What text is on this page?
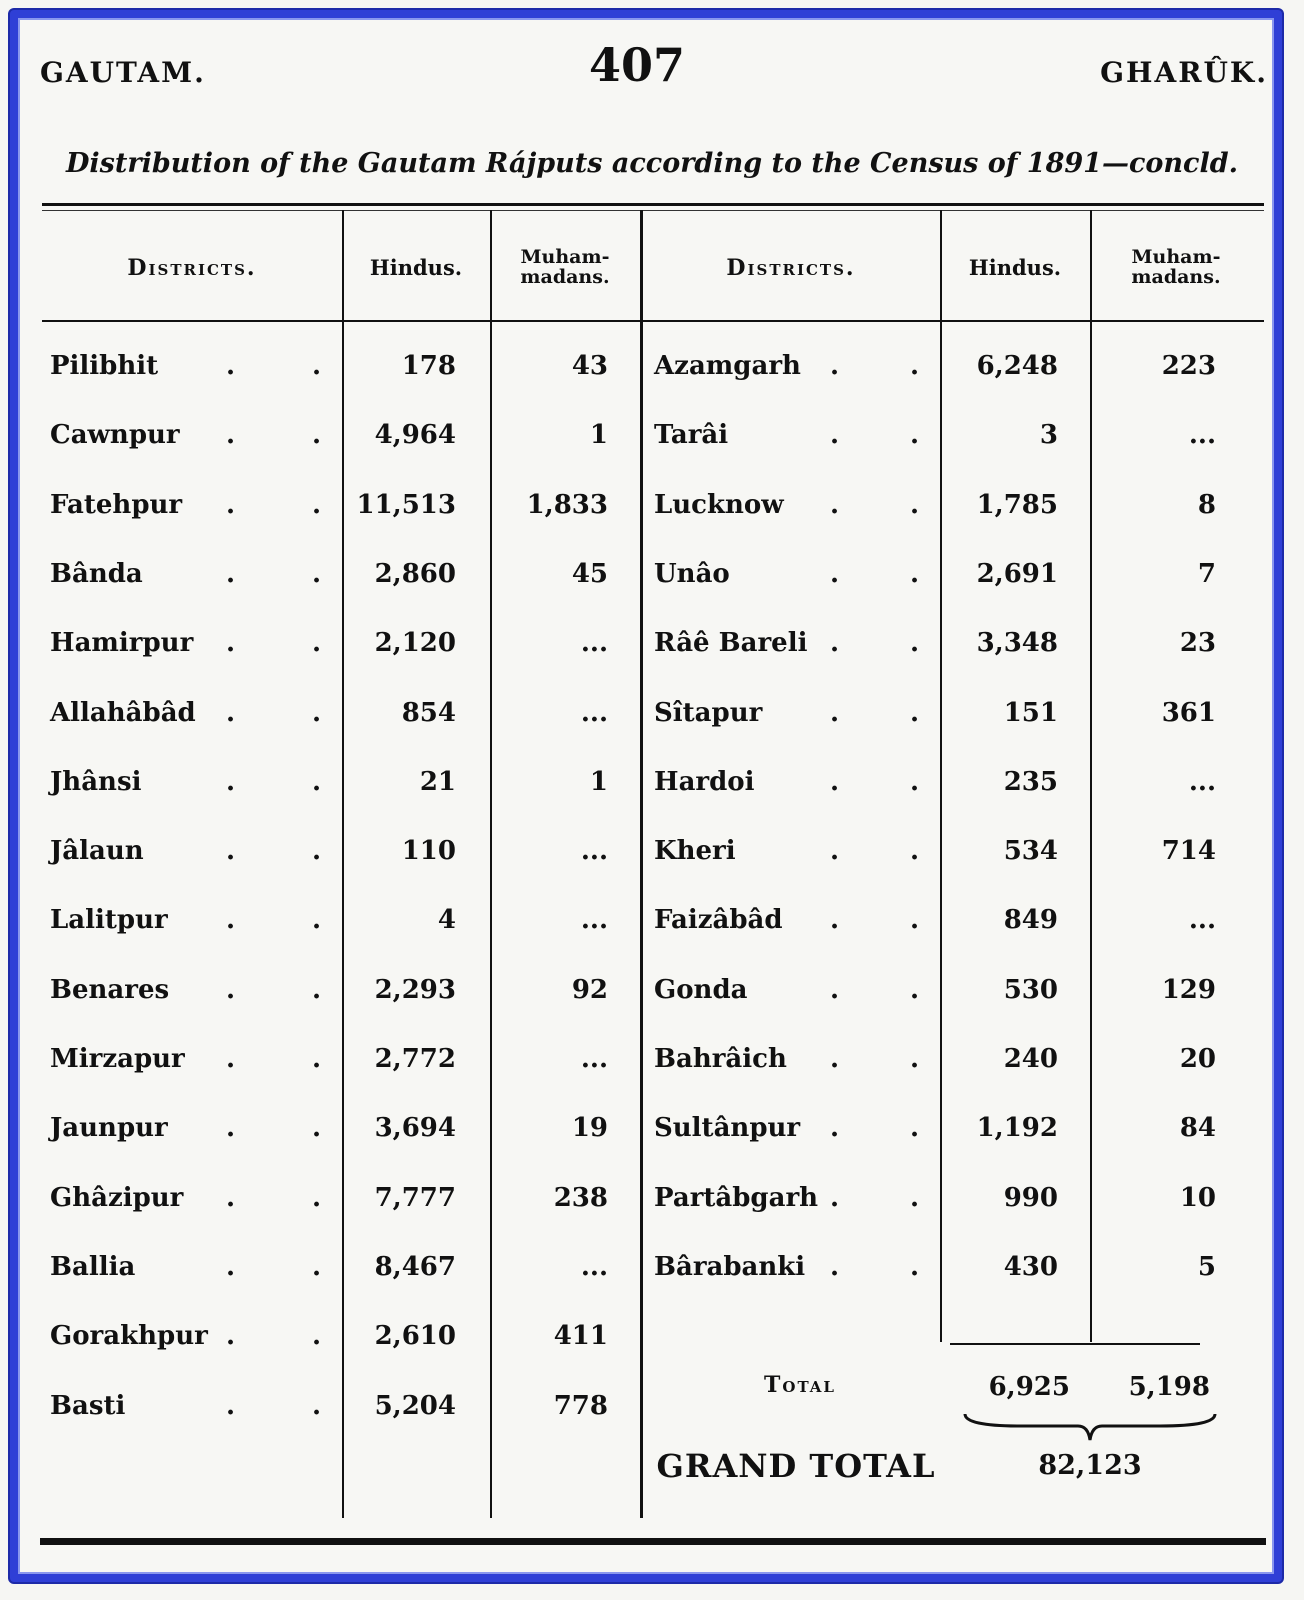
GAUTAM.	407	GHARÛK.
Distribution of the Gautam Rájputs according to the Census of 1891—concld.
Districts.	Hindus.	Muham-
madans.	Districts.	Hindus.	Muham-
madans.
Pilibhit	.	.	178	43
Cawnpur	.	.	4,964	1
Fatehpur	.	. 11,513	1,833
Bânda	.	.	2,860	45
Hamirpur	.	.	2,120	...
Allahâbâd	.	.	854	...
Jhânsi	.	.	21	1
Jâlaun	.	.	110	...
Lalitpur	.	.	4	...
Benares	.	.	2,293	92
Mirzapur	.	.	2,772	...
Jaunpur	.	.	3,694	19
Ghâzipur	.	.	7,777	238
Ballia	.	.	8,467	...
Gorakhpur .	.	2,610	411
Basti	.	.	5,204	778
Azamgarh	.	.	6,248	223
Tarâi	.	.	3	...
Lucknow	.	.	1,785	8
Unâo	.	.	2,691	7
Râê Bareli .	.	3,348	23
Sîtapur	.	.	151	361
Hardoi	.	.	235	...
Kheri	.	.	534	714
Faizâbâd	.	.	849	...
Gonda	.	.	530	129
Bahrâich	.	.	240	20
Sultânpur	.	.	1,192	84
Partâbgarh .	.	990	10
Bârabanki .	.	430	5
Total	6,925	5,198
GRAND TOTAL	82,123
